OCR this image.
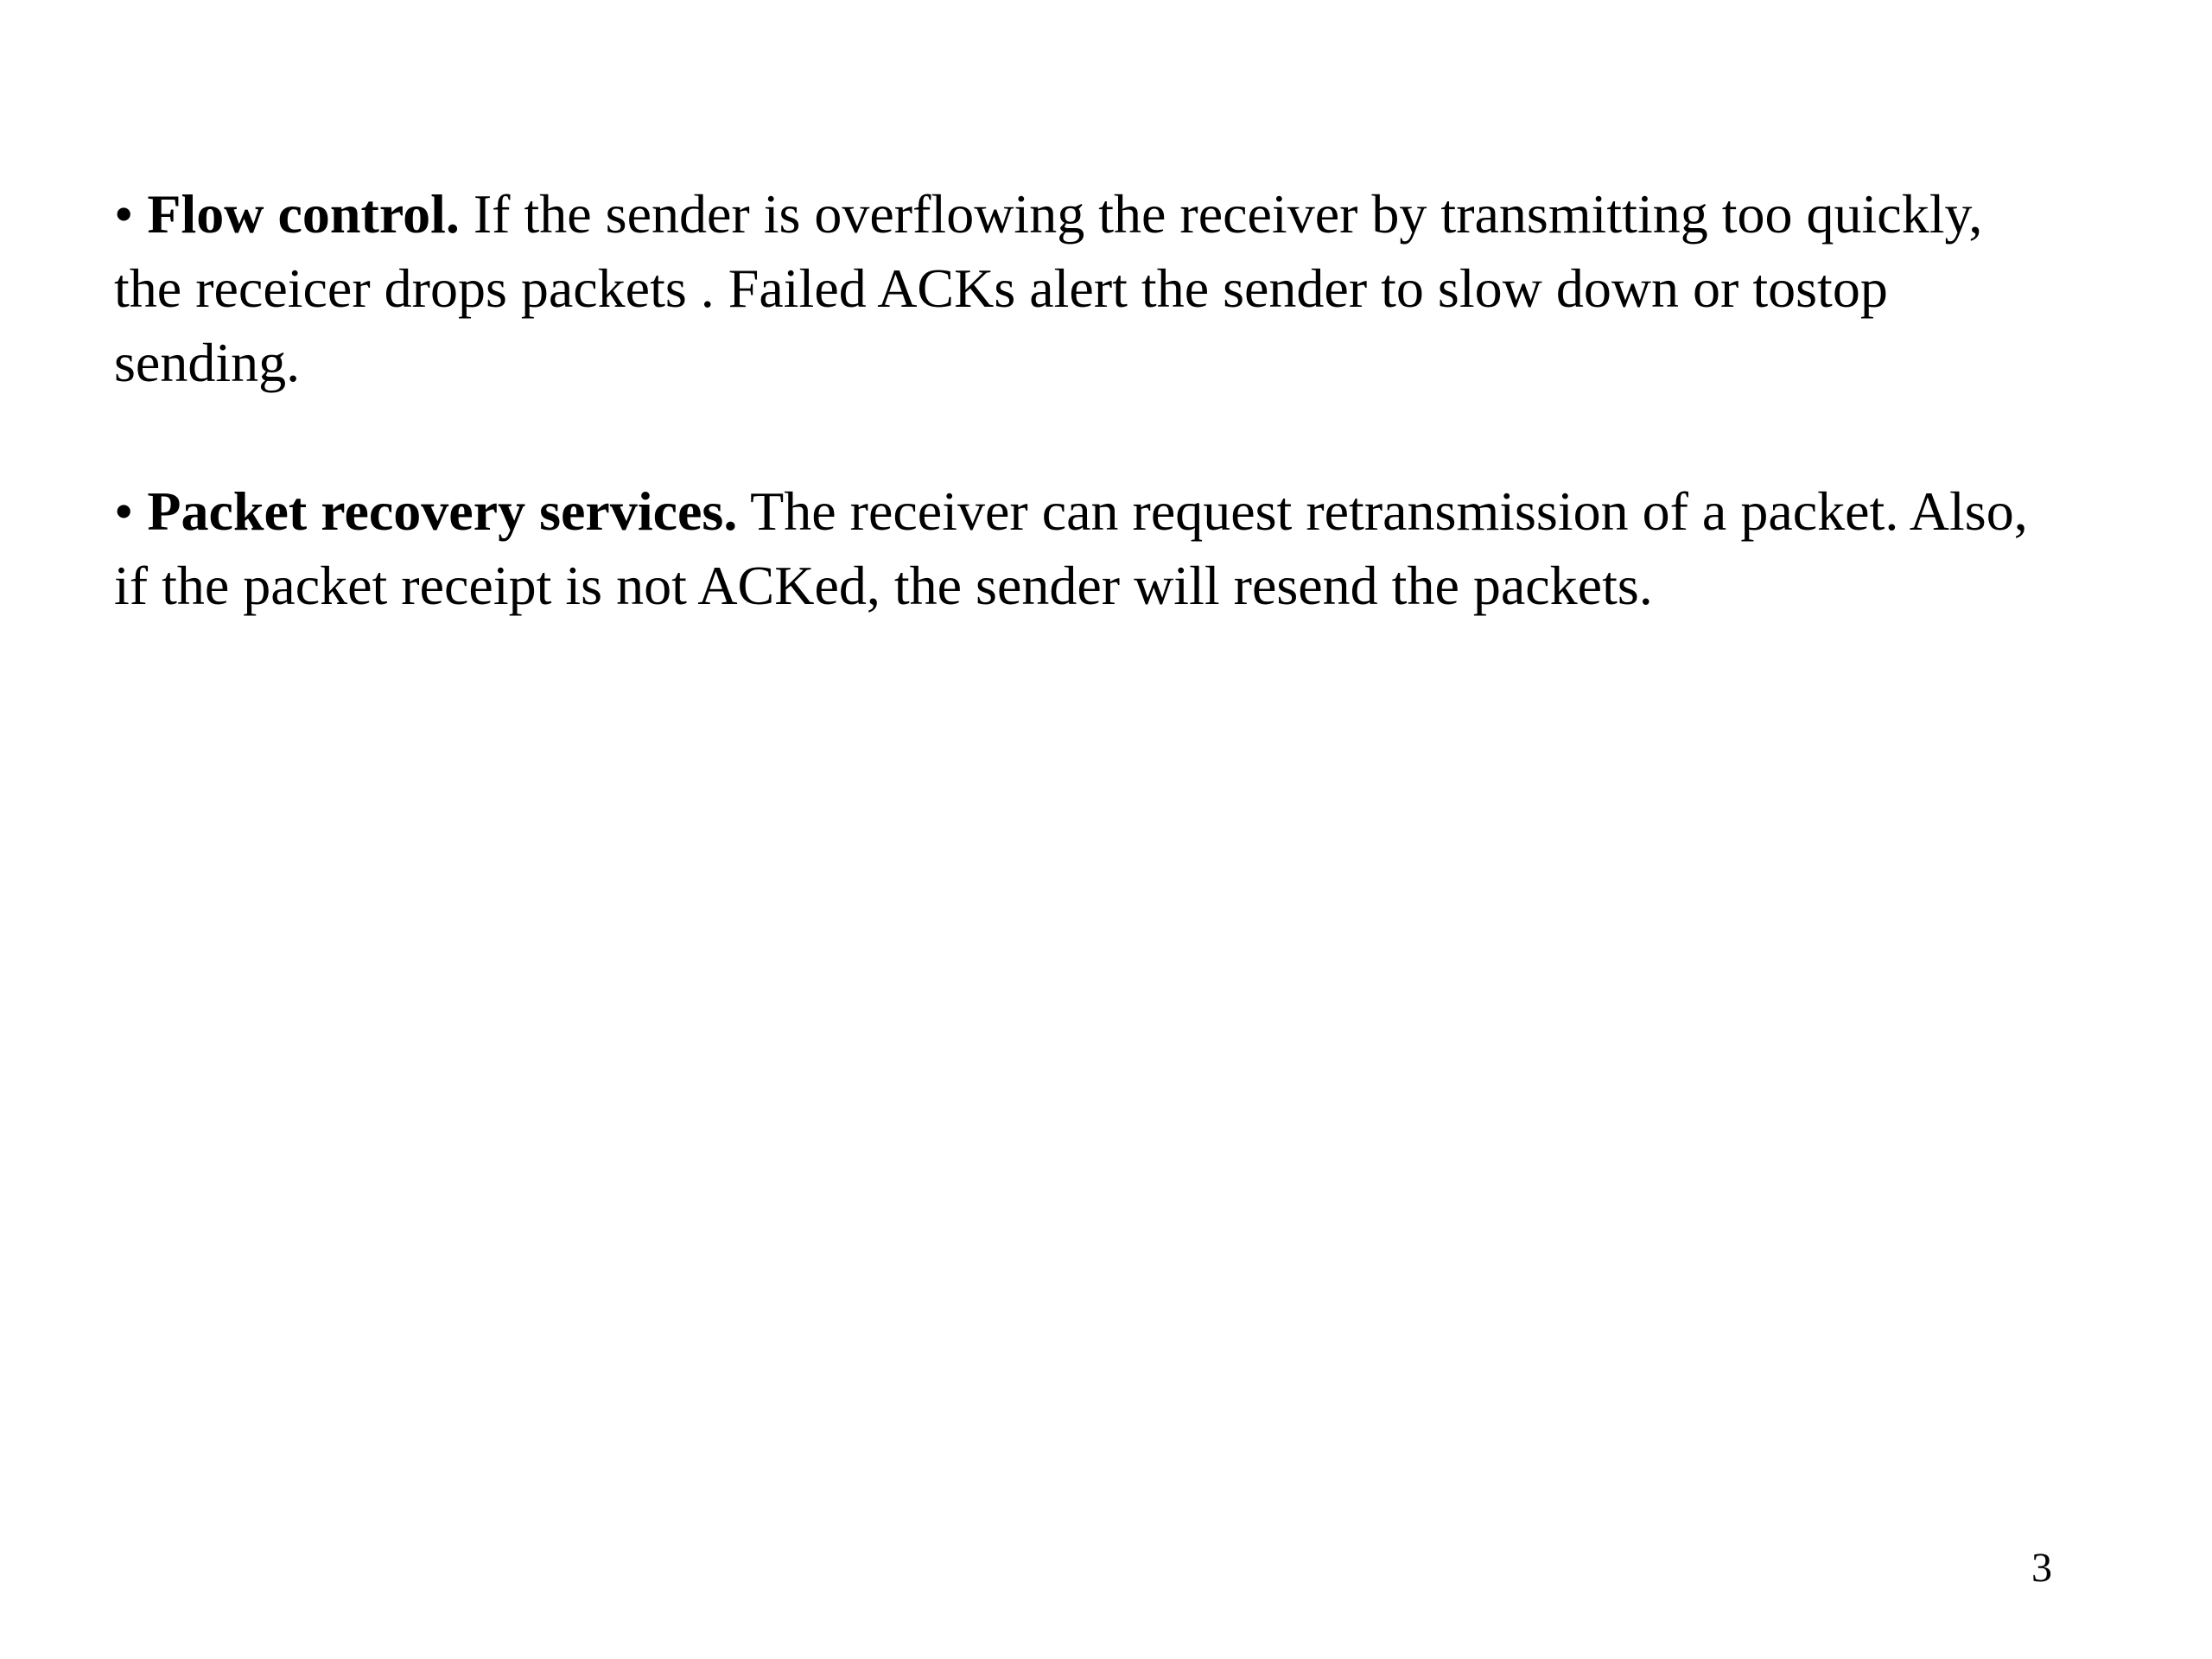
• Flow control. If the sender is overflowing the receiver by transmitting too quickly, the receicer drops packets . Failed ACKs alert the sender to slow down or tostop sending.

• Packet recovery services. The receiver can request retransmission of a packet. Also, if the packet receipt is not ACKed, the sender will resend the packets.

3
